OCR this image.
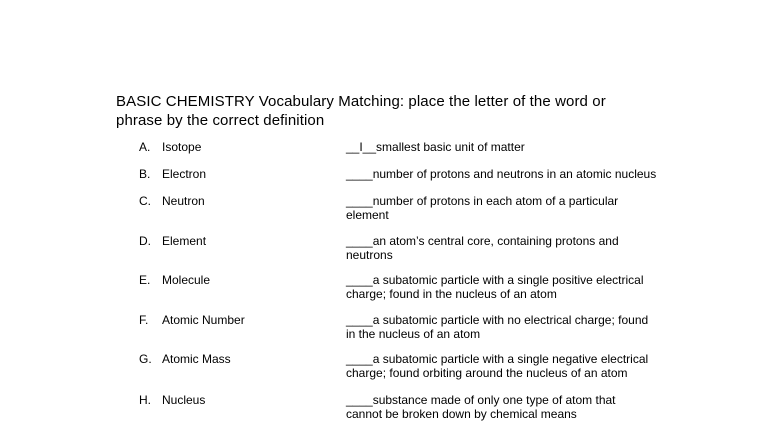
BASIC CHEMISTRY Vocabulary Matching: place the letter of the word or
phrase by the correct definition
A. Isotope	__I__smallest basic unit of matter
B. Electron	____number of protons and neutrons in an atomic nucleus
C. Neutron	____number of protons in each atom of a particular
element
D. Element	____an atom’s central core, containing protons and
neutrons
E. Molecule	____a subatomic particle with a single positive electrical
charge; found in the nucleus of an atom
F.	Atomic Number	____a subatomic particle with no electrical charge; found
in the nucleus of an atom
G. Atomic Mass	____a subatomic particle with a single negative electrical
charge; found orbiting around the nucleus of an atom
H. Nucleus	____substance made of only one type of atom that
cannot be broken down by chemical means
